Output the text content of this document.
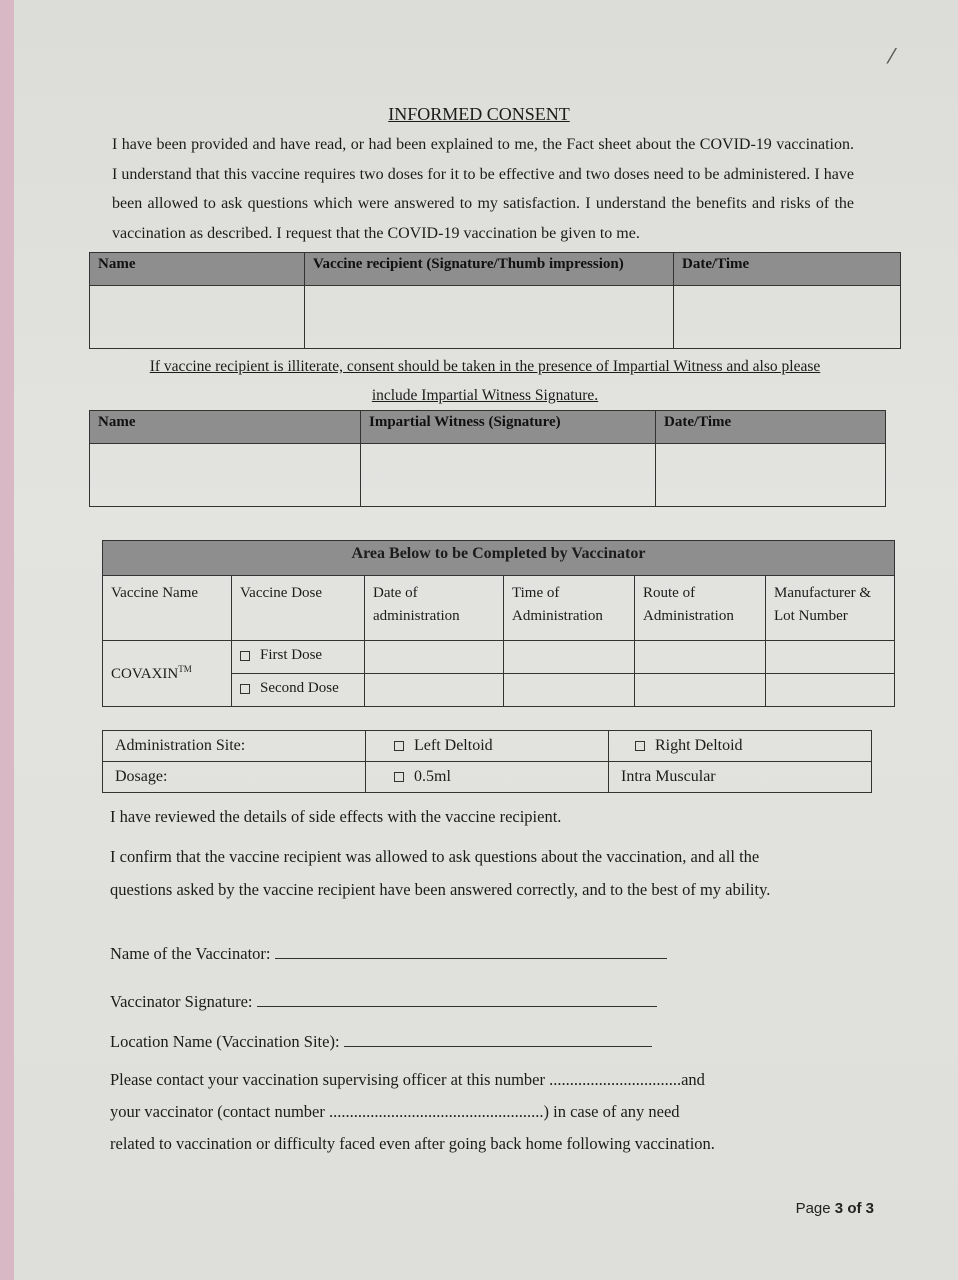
⁄
INFORMED CONSENT
I have been provided and have read, or had been explained to me, the Fact sheet about the COVID-19 vaccination. I understand that this vaccine requires two doses for it to be effective and two doses need to be administered. I have been allowed to ask questions which were answered to my satisfaction. I understand the benefits and risks of the vaccination as described. I request that the COVID-19 vaccination be given to me.
Name	Vaccine recipient (Signature/Thumb impression)	Date/Time

If vaccine recipient is illiterate, consent should be taken in the presence of Impartial Witness and also please
include Impartial Witness Signature.
Name	Impartial Witness (Signature)	Date/Time

Area Below to be Completed by Vaccinator					
Vaccine Name	Vaccine Dose	Date of administration	Time of Administration	Route of Administration	Manufacturer & Lot Number
COVAXIN™	First Dose				
	Second Dose				
Administration Site:	Left Deltoid	Right Deltoid
Dosage:	0.5ml	Intra Muscular
I have reviewed the details of side effects with the vaccine recipient.
I confirm that the vaccine recipient was allowed to ask questions about the vaccination, and all the questions asked by the vaccine recipient have been answered correctly, and to the best of my ability.
Name of the Vaccinator:
Vaccinator Signature:
Location Name (Vaccination Site):
Please contact your vaccination supervising officer at this number ................................and
your vaccinator (contact number ....................................................) in case of any need
related to vaccination or difficulty faced even after going back home following vaccination.
Page 3 of 3
